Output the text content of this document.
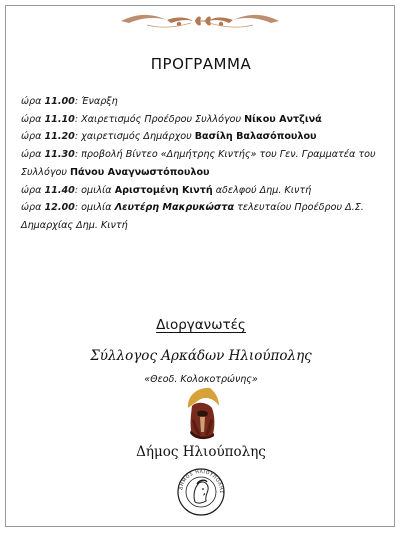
ΠΡΟΓΡΑΜΜΑ
ώρα 11.00: Έναρξη
ώρα 11.10: Χαιρετισμός Προέδρου Συλλόγου Νίκου Αντζινά
ώρα 11.20: χαιρετισμός Δημάρχου Βασίλη Βαλασόπουλου
ώρα 11.30: προβολή Βίντεο «Δημήτρης Κιντής» του Γεν. Γραμματέα του Συλλόγου Πάνου Αναγνωστόπουλου
ώρα 11.40: ομιλία Αριστομένη Κιντή αδελφού Δημ. Κιντή
ώρα 12.00: ομιλία Λευτέρη Μακρυκώστα τελευταίου Προέδρου Δ.Σ. Δημαρχίας Δημ. Κιντή
Διοργανωτές
Σύλλογος Αρκάδων Ηλιούπολης
«Θεοδ. Κολοκοτρώνης»
Δήμος Ηλιούπολης
ΔΗΜΟΣ ΗΛΙΟΥΠΟΛΗΣ
